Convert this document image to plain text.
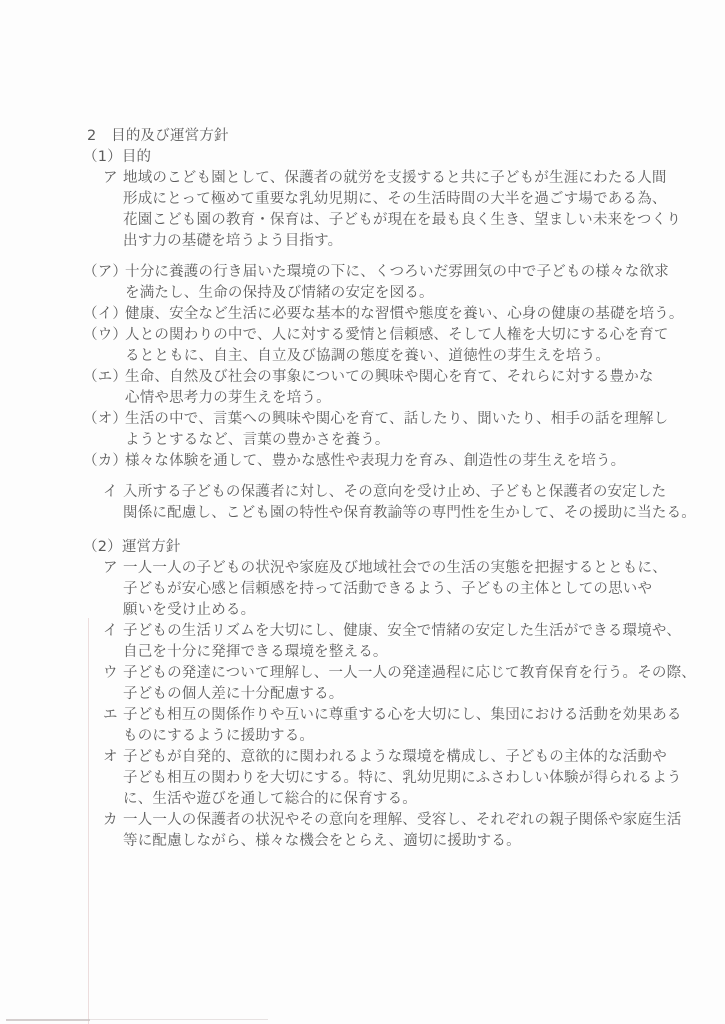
2　目的及び運営方針
（1）目的
ア 地域のこども園として、保護者の就労を支援すると共に子どもが生涯にわたる人間
形成にとって極めて重要な乳幼児期に、その生活時間の大半を過ごす場である為、
花園こども園の教育・保育は、子どもが現在を最も良く生き、望ましい未来をつくり
出す力の基礎を培うよう目指す。
（ア）
十分に養護の行き届いた環境の下に、くつろいだ雰囲気の中で子どもの様々な欲求
を満たし、生命の保持及び情緒の安定を図る。
（イ）
健康、安全など生活に必要な基本的な習慣や態度を養い、心身の健康の基礎を培う。
（ウ）
人との関わりの中で、人に対する愛情と信頼感、そして人権を大切にする心を育て
るとともに、自主、自立及び協調の態度を養い、道徳性の芽生えを培う。
（エ）
生命、自然及び社会の事象についての興味や関心を育て、それらに対する豊かな
心情や思考力の芽生えを培う。
（オ）
生活の中で、言葉への興味や関心を育て、話したり、聞いたり、相手の話を理解し
ようとするなど、言葉の豊かさを養う。
（カ）
様々な体験を通して、豊かな感性や表現力を育み、創造性の芽生えを培う。
イ 入所する子どもの保護者に対し、その意向を受け止め、子どもと保護者の安定した
関係に配慮し、こども園の特性や保育教諭等の専門性を生かして、その援助に当たる。
（2）運営方針
ア 一人一人の子どもの状況や家庭及び地域社会での生活の実態を把握するとともに、
子どもが安心感と信頼感を持って活動できるよう、子どもの主体としての思いや
願いを受け止める。
イ 子どもの生活リズムを大切にし、健康、安全で情緒の安定した生活ができる環境や、
自己を十分に発揮できる環境を整える。
ウ 子どもの発達について理解し、一人一人の発達過程に応じて教育保育を行う。その際、
子どもの個人差に十分配慮する。
エ 子ども相互の関係作りや互いに尊重する心を大切にし、集団における活動を効果ある
ものにするように援助する。
オ 子どもが自発的、意欲的に関われるような環境を構成し、子どもの主体的な活動や
子ども相互の関わりを大切にする。特に、乳幼児期にふさわしい体験が得られるよう
に、生活や遊びを通して総合的に保育する。
カ 一人一人の保護者の状況やその意向を理解、受容し、それぞれの親子関係や家庭生活
等に配慮しながら、様々な機会をとらえ、適切に援助する。
